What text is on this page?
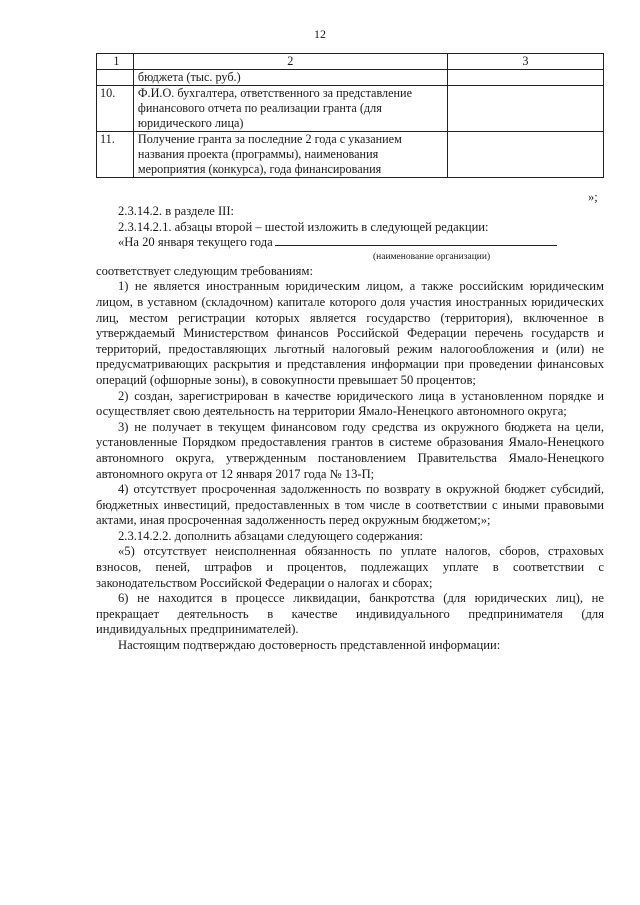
12
1	2	3
	бюджета (тыс. руб.)	
10.	Ф.И.О. бухгалтера, ответственного за представление финансового отчета по реализации гранта (для юридического лица)	
11.	Получение гранта за последние 2 года с указанием названия проекта (программы), наименования мероприятия (конкурса), года финансирования	
»;

2.3.14.2. в разделе III:

2.3.14.2.1. абзацы второй – шестой изложить в следующей редакции:

«На 20 января текущего года

(наименование организации)

соответствует следующим требованиям:

1) не является иностранным юридическим лицом, а также российским юридическим лицом, в уставном (складочном) капитале которого доля участия иностранных юридических лиц, местом регистрации которых является государство (территория), включенное в утверждаемый Министерством финансов Российской Федерации перечень государств и территорий, предоставляющих льготный налоговый режим налогообложения и (или) не предусматривающих раскрытия и представления информации при проведении финансовых операций (офшорные зоны), в совокупности превышает 50 процентов;

2) создан, зарегистрирован в качестве юридического лица в установленном порядке и осуществляет свою деятельность на территории Ямало-Ненецкого автономного округа;

3) не получает в текущем финансовом году средства из окружного бюджета на цели, установленные Порядком предоставления грантов в системе образования Ямало-Ненецкого автономного округа, утвержденным постановлением Правительства Ямало-Ненецкого автономного округа от 12 января 2017 года № 13-П;

4) отсутствует просроченная задолженность по возврату в окружной бюджет субсидий, бюджетных инвестиций, предоставленных в том числе в соответствии с иными правовыми актами, иная просроченная задолженность перед окружным бюджетом;»;

2.3.14.2.2. дополнить абзацами следующего содержания:

«5) отсутствует неисполненная обязанность по уплате налогов, сборов, страховых взносов, пеней, штрафов и процентов, подлежащих уплате в соответствии с законодательством Российской Федерации о налогах и сборах;

6) не находится в процессе ликвидации, банкротства (для юридических лиц), не прекращает деятельность в качестве индивидуального предпринимателя (для индивидуальных предпринимателей).

Настоящим подтверждаю достоверность представленной информации:
